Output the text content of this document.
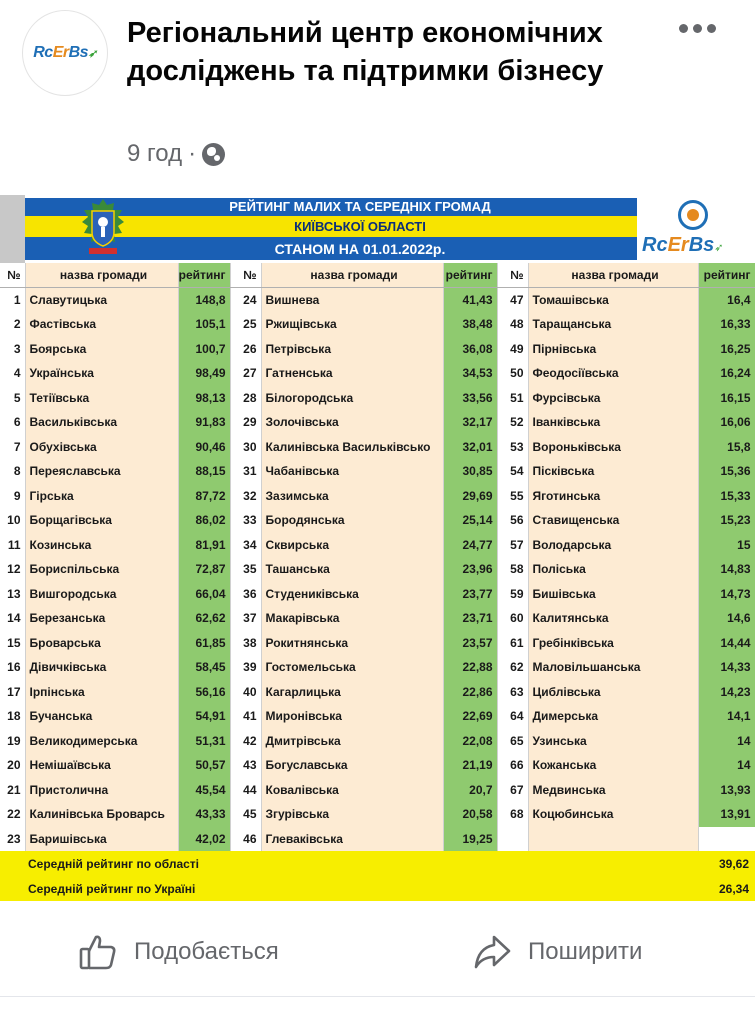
RcErBs➶
Регіональний центр економічних досліджень та підтримки бізнесу
9 год ·
РЕЙТИНГ МАЛИХ ТА СЕРЕДНІХ ГРОМАД
КИЇВСЬКОЇ ОБЛАСТІ
СТАНОМ НА 01.01.2022р.	RcErBs➶
№	назва громади	рейтинг	№	назва громади	рейтинг	№	назва громади	рейтинг
1	Славутицька	148,8	24	Вишнева	41,43	47	Томашівська	16,4
2	Фастівська	105,1	25	Ржищівська	38,48	48	Таращанська	16,33
3	Боярська	100,7	26	Петрівська	36,08	49	Пірнівська	16,25
4	Українська	98,49	27	Гатненська	34,53	50	Феодосіївська	16,24
5	Тетіївська	98,13	28	Білогородська	33,56	51	Фурсівська	16,15
6	Васильківська	91,83	29	Золочівська	32,17	52	Іванківська	16,06
7	Обухівська	90,46	30	Калинівська Васильківсько	32,01	53	Вороньківська	15,8
8	Переяславська	88,15	31	Чабанівська	30,85	54	Пісківська	15,36
9	Гірська	87,72	32	Зазимська	29,69	55	Яготинська	15,33
10	Борщагівська	86,02	33	Бородянська	25,14	56	Ставищенська	15,23
11	Козинська	81,91	34	Сквирська	24,77	57	Володарська	15
12	Бориспільська	72,87	35	Ташанська	23,96	58	Поліська	14,83
13	Вишгородська	66,04	36	Студениківська	23,77	59	Бишівська	14,73
14	Березанська	62,62	37	Макарівська	23,71	60	Калитянська	14,6
15	Броварська	61,85	38	Рокитнянська	23,57	61	Гребінківська	14,44
16	Дівичківська	58,45	39	Гостомельська	22,88	62	Маловільшанська	14,33
17	Ірпінська	56,16	40	Кагарлицька	22,86	63	Циблівська	14,23
18	Бучанська	54,91	41	Миронівська	22,69	64	Димерська	14,1
19	Великодимерська	51,31	42	Дмитрівська	22,08	65	Узинська	14
20	Немішаївська	50,57	43	Богуславська	21,19	66	Кожанська	14
21	Пристолична	45,54	44	Ковалівська	20,7	67	Медвинська	13,93
22	Калинівська Броварсь	43,33	45	Згурівська	20,58	68	Коцюбинська	13,91
23	Баришівська	42,02	46	Глеваківська	19,25			
Середній рейтинг по області								39,62
Середній рейтинг по Україні								26,34
Подобається	Поширити
